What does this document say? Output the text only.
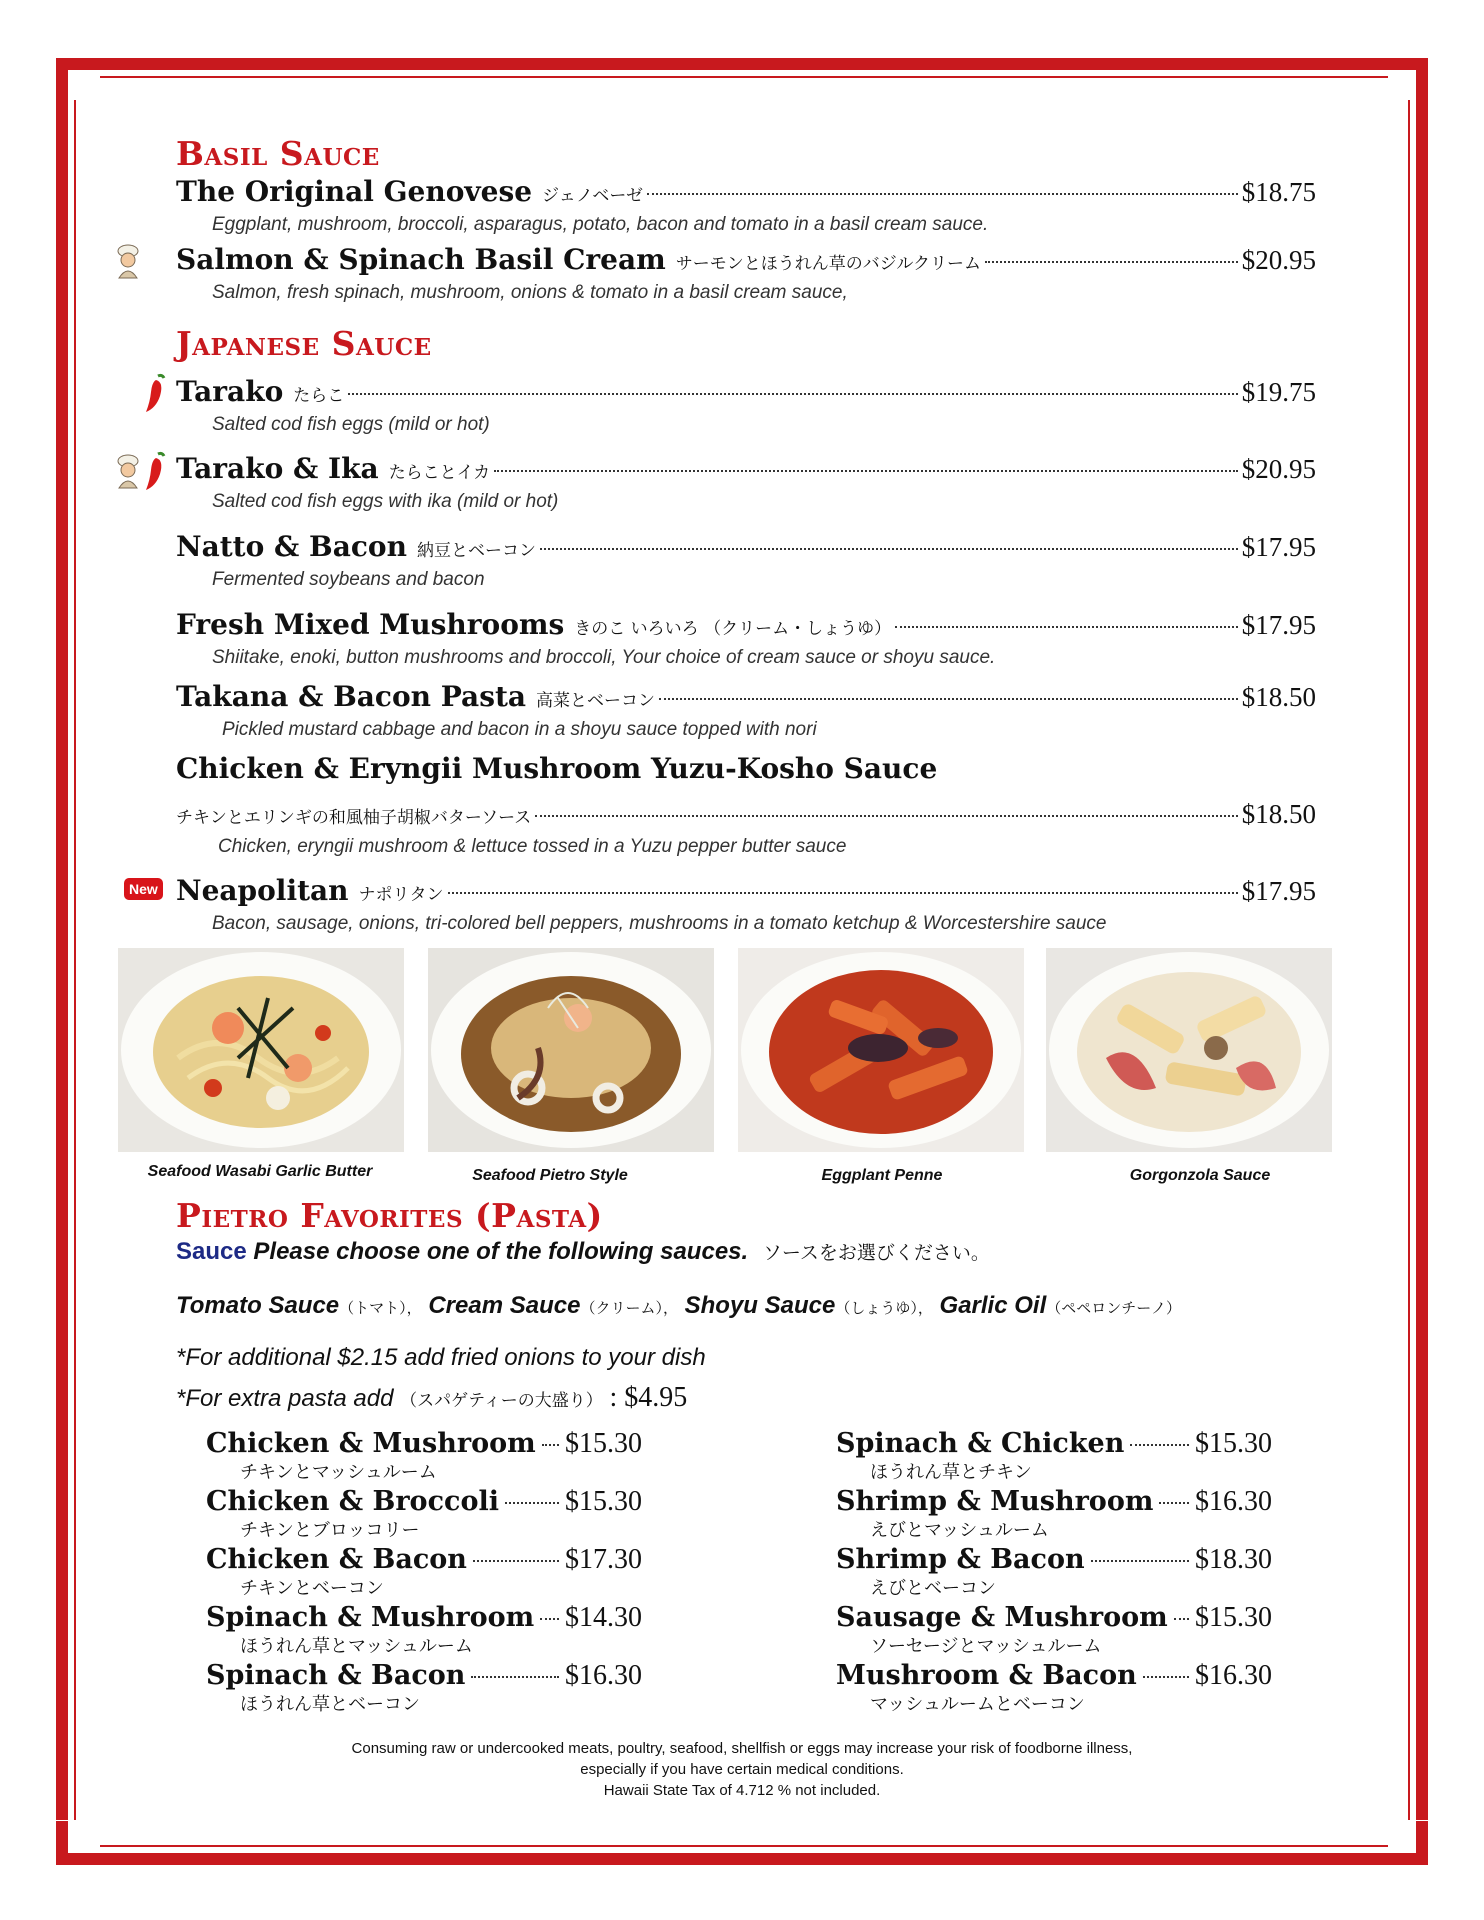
Basil Sauce
The Original Genovese ジェノベーゼ	$18.75
Eggplant, mushroom, broccoli, asparagus, potato, bacon and tomato in a basil cream sauce.
Salmon & Spinach Basil Cream サーモンとほうれん草のバジルクリーム	$20.95
Salmon, fresh spinach, mushroom, onions & tomato in a basil cream sauce,
Japanese Sauce
Tarako たらこ	$19.75
Salted cod fish eggs (mild or hot)
Tarako & Ika たらことイカ	$20.95
Salted cod fish eggs with ika (mild or hot)
Natto & Bacon 納豆とベーコン	$17.95
Fermented soybeans and bacon
Fresh Mixed Mushrooms きのこ いろいろ （クリーム・しょうゆ）	$17.95
Shiitake, enoki, button mushrooms and broccoli, Your choice of cream sauce or shoyu sauce.
Takana & Bacon Pasta 高菜とベーコン	$18.50
Pickled mustard cabbage and bacon in a shoyu sauce topped with nori
Chicken & Eryngii Mushroom Yuzu-Kosho Sauce
チキンとエリンギの和風柚子胡椒バターソース	$18.50
Chicken, eryngii mushroom & lettuce tossed in a Yuzu pepper butter sauce
New Neapolitan ナポリタン	$17.95
Bacon, sausage, onions, tri-colored bell peppers, mushrooms in a tomato ketchup & Worcestershire sauce
Seafood Wasabi Garlic Butter	Seafood Pietro Style	Eggplant Penne	Gorgonzola Sauce
Pietro Favorites (Pasta)
Sauce Please choose one of the following sauces. ソースをお選びください。
Tomato Sauce（トマト）， Cream Sauce（クリーム）， Shoyu Sauce（しょうゆ）， Garlic Oil（ペペロンチーノ）
*For additional $2.15 add fried onions to your dish
*For extra pasta add （スパゲティーの大盛り） : $4.95
Chicken & Mushroom $15.30
チキンとマッシュルーム
Chicken & Broccoli $15.30
チキンとブロッコリー
Chicken & Bacon	$17.30
チキンとベーコン
Spinach & Mushroom $14.30
ほうれん草とマッシュルーム
Spinach & Bacon	$16.30
ほうれん草とベーコン
Spinach & Chicken	$15.30
ほうれん草とチキン
Shrimp & Mushroom $16.30
えびとマッシュルーム
Shrimp & Bacon	$18.30
えびとベーコン
Sausage & Mushroom $15.30
ソーセージとマッシュルーム
Mushroom & Bacon $16.30
マッシュルームとベーコン
Consuming raw or undercooked meats, poultry, seafood, shellfish or eggs may increase your risk of foodborne illness,
especially if you have certain medical conditions.
Hawaii State Tax of 4.712 % not included.
